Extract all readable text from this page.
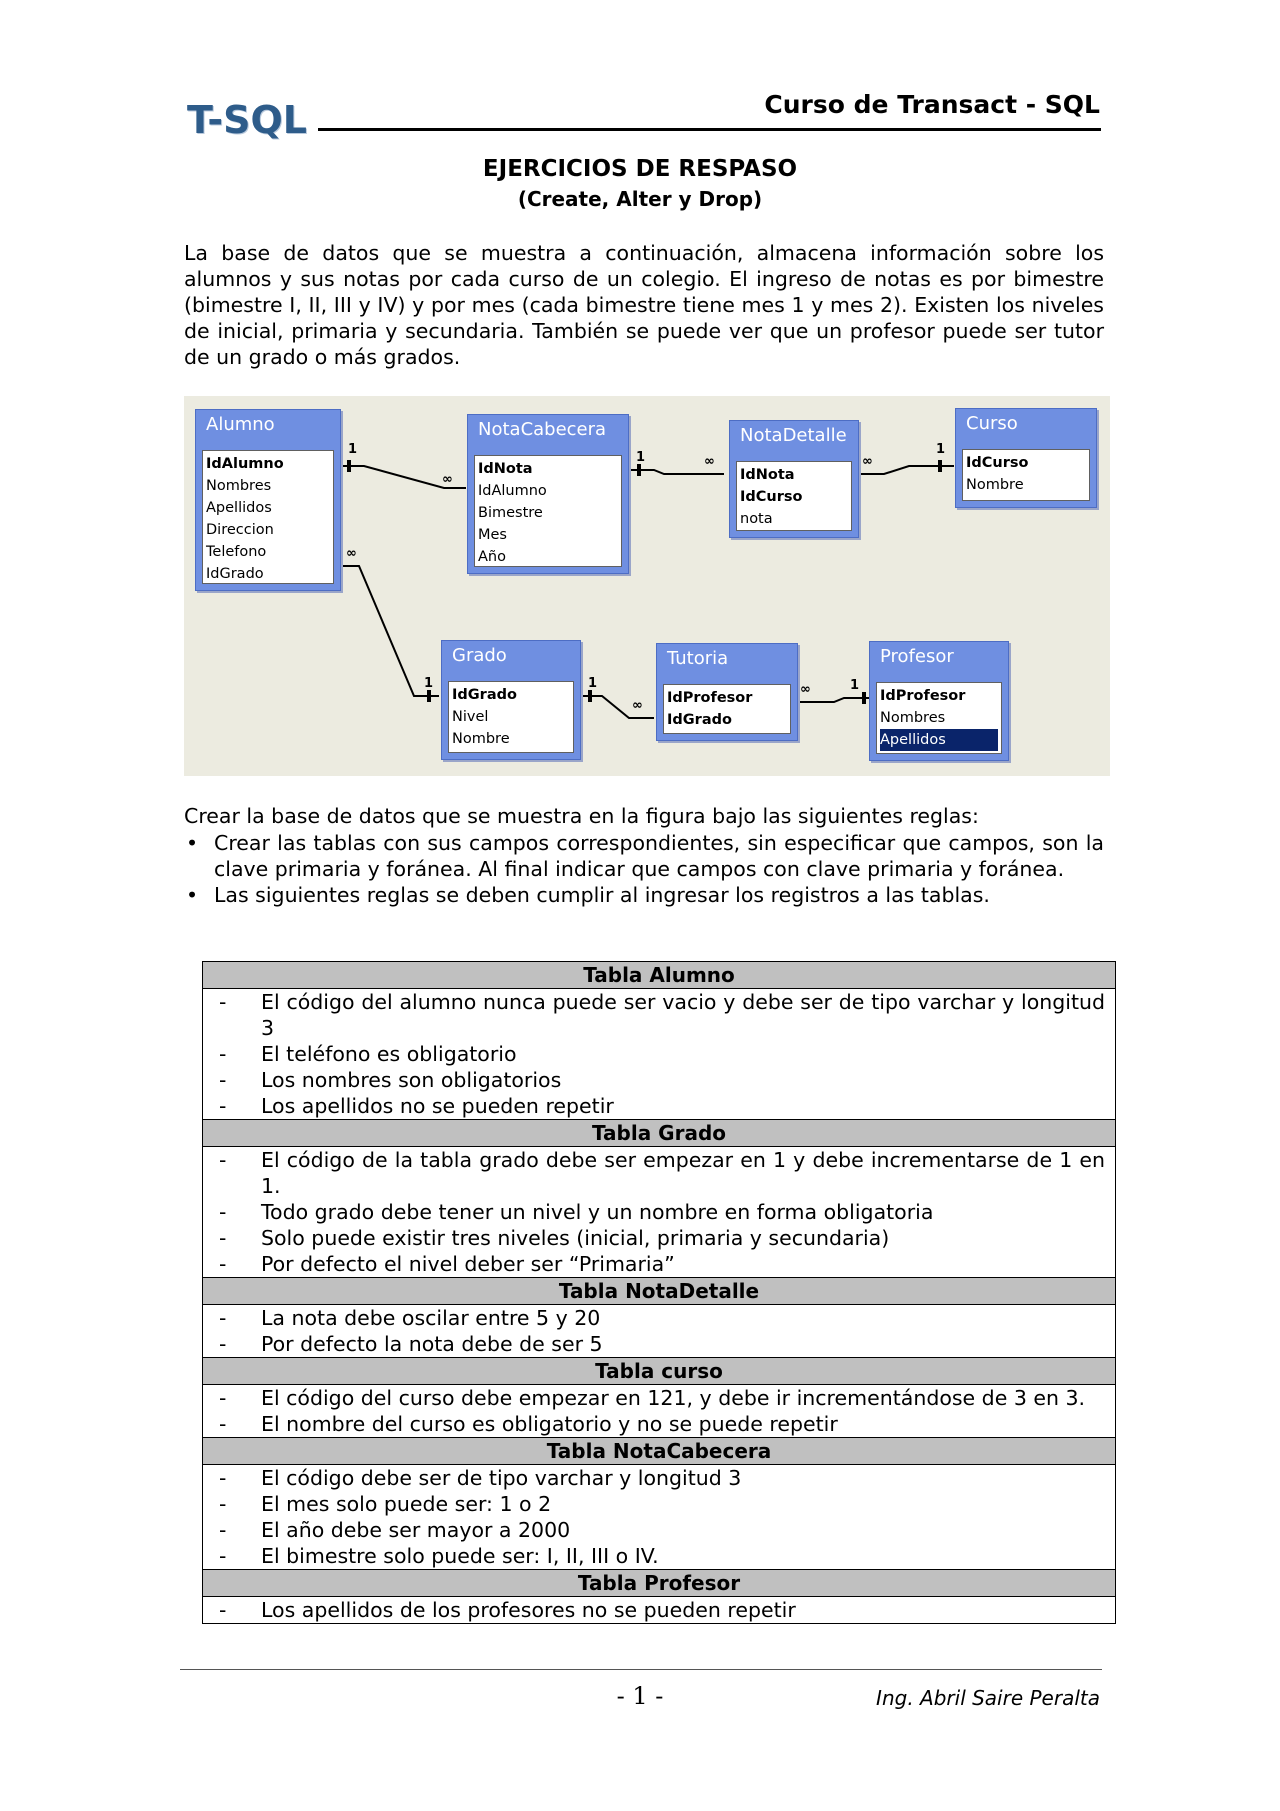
T-SQL	Curso de Transact - SQL
EJERCICIOS DE RESPASO
(Create, Alter y Drop)

La base de datos que se muestra a continuación, almacena información sobre los alumnos y sus notas por cada curso de un colegio. El ingreso de notas es por bimestre (bimestre I, II, III y IV) y por mes (cada bimestre tiene mes 1 y mes 2). Existen los niveles de inicial, primaria y secundaria. También se puede ver que un profesor puede ser tutor de un grado o más grados.

1
∞
1	∞	∞
1
∞
1	1
∞
∞	1
Alumno
IdAlumno
Nombres
Apellidos
Direccion
Telefono
IdGrado
NotaCabecera
IdNota
IdAlumno
Bimestre
Mes
Año
NotaDetalle
IdNota
IdCurso
nota
Curso
IdCurso
Nombre
Grado
IdGrado
Nivel
Nombre
Tutoria
IdProfesor
IdGrado
Profesor
IdProfesor
Nombres
Apellidos

Crear la base de datos que se muestra en la figura bajo las siguientes reglas:

• Crear las tablas con sus campos correspondientes, sin especificar que campos, son la clave primaria y foránea. Al final indicar que campos con clave primaria y foránea.
• Las siguientes reglas se deben cumplir al ingresar los registros a las tablas.
Tabla Alumno

- El código del alumno nunca puede ser vacio y debe ser de tipo varchar y longitud 3
- El teléfono es obligatorio
- Los nombres son obligatorios
- Los apellidos no se pueden repetir

Tabla Grado

- El código de la tabla grado debe ser empezar en 1 y debe incrementarse de 1 en 1.
- Todo grado debe tener un nivel y un nombre en forma obligatoria
- Solo puede existir tres niveles (inicial, primaria y secundaria)
- Por defecto el nivel deber ser “Primaria”

Tabla NotaDetalle

- La nota debe oscilar entre 5 y 20
- Por defecto la nota debe de ser 5

Tabla curso

- El código del curso debe empezar en 121, y debe ir incrementándose de 3 en 3.
- El nombre del curso es obligatorio y no se puede repetir

Tabla NotaCabecera

- El código debe ser de tipo varchar y longitud 3
- El mes solo puede ser: 1 o 2
- El año debe ser mayor a 2000
- El bimestre solo puede ser: I, II, III o IV.

Tabla Profesor

- Los apellidos de los profesores no se pueden repetir
- 1 -	Ing. Abril Saire Peralta
